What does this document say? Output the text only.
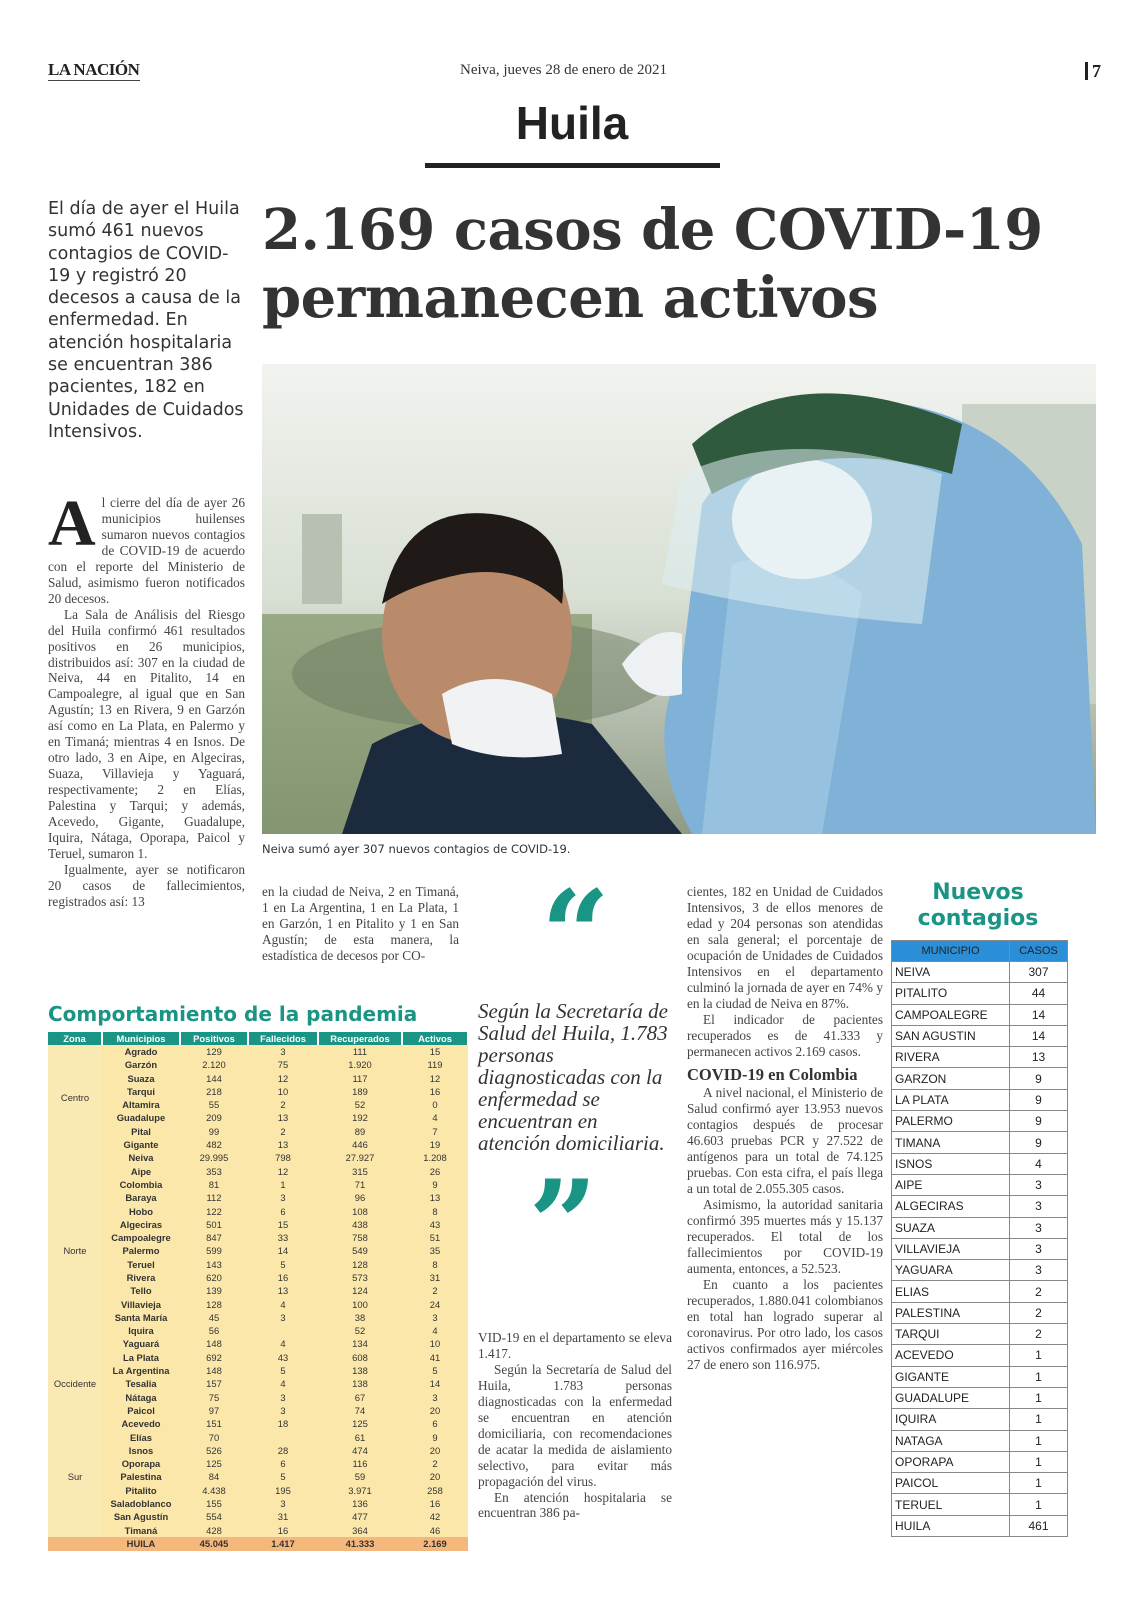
LA NACIÓN	Neiva, jueves 28 de enero de 2021	7
Huila
El día de ayer el Huila sumó 461 nuevos contagios de COVID-19 y registró 20 decesos a causa de la enfermedad. En atención hospitalaria se encuentran 386 pacientes, 182 en Unidades de Cuidados Intensivos.
2.169 casos de COVID-19 permanecen activos
Neiva sumó ayer 307 nuevos contagios de COVID-19.

Al cierre del día de ayer 26 municipios huilenses sumaron nuevos contagios de COVID-19 de acuerdo con el reporte del Ministerio de Salud, asimismo fueron notificados 20 decesos.

La Sala de Análisis del Riesgo del Huila confirmó 461 resultados positivos en 26 municipios, distribuidos así: 307 en la ciudad de Neiva, 44 en Pitalito, 14 en Campoalegre, al igual que en San Agustín; 13 en Rivera, 9 en Garzón así como en La Plata, en Palermo y en Timaná; mientras 4 en Isnos. De otro lado, 3 en Aipe, en Algeciras, Suaza, Villavieja y Yaguará, respectivamente; 2 en Elías, Palestina y Tarqui; y además, Acevedo, Gigante, Guadalupe, Iquira, Nátaga, Oporapa, Paicol y Teruel, sumaron 1.

Igualmente, ayer se notificaron 20 casos de fallecimientos, registrados así: 13

en la ciudad de Neiva, 2 en Timaná, 1 en La Argentina, 1 en La Plata, 1 en Garzón, 1 en Pitalito y 1 en San Agustín; de esta manera, la estadística de decesos por CO- “
Según la Secretaría de Salud del Huila, 1.783 personas diagnosticadas con la enfermedad se encuentran en atención domiciliaria.
”

VID-19 en el departamento se eleva 1.417.

Según la Secretaría de Salud del Huila, 1.783 personas diagnosticadas con la enfermedad se encuentran en atención domiciliaria, con recomendaciones de acatar la medida de aislamiento selectivo, para evitar más propagación del virus.

En atención hospitalaria se encuentran 386 pa-

cientes, 182 en Unidad de Cuidados Intensivos, 3 de ellos menores de edad y 204 personas son atendidas en sala general; el porcentaje de ocupación de Unidades de Cuidados Intensivos en el departamento culminó la jornada de ayer en 74% y en la ciudad de Neiva en 87%.

El indicador de pacientes recuperados es de 41.333 y permanecen activos 2.169 casos.

COVID-19 en Colombia

A nivel nacional, el Ministerio de Salud confirmó ayer 13.953 nuevos contagios después de procesar 46.603 pruebas PCR y 27.522 de antígenos para un total de 74.125 pruebas. Con esta cifra, el país llega a un total de 2.055.305 casos.

Asimismo, la autoridad sanitaria confirmó 395 muertes más y 15.137 recuperados. El total de los fallecimientos por COVID-19 aumenta, entonces, a 52.523.

En cuanto a los pacientes recuperados, 1.880.041 colombianos en total han logrado superar al coronavirus. Por otro lado, los casos activos confirmados ayer miércoles 27 de enero son 116.975.

Comportamiento de la pandemia
Zona	Municipios	Positivos	Fallecidos	Recuperados	Activos
Centro	Agrado	129	3	111	15
	Garzón	2.120	75	1.920	119
	Suaza	144	12	117	12
	Tarqui	218	10	189	16
	Altamira	55	2	52	0
	Guadalupe	209	13	192	4
	Pital	99	2	89	7
	Gigante	482	13	446	19
Norte	Neiva	29.995	798	27.927	1.208
	Aipe	353	12	315	26
	Colombia	81	1	71	9
	Baraya	112	3	96	13
	Hobo	122	6	108	8
	Algeciras	501	15	438	43
	Campoalegre	847	33	758	51
	Palermo	599	14	549	35
	Teruel	143	5	128	8
	Rivera	620	16	573	31
	Tello	139	13	124	2
	Villavieja	128	4	100	24
	Santa María	45	3	38	3
	Iquira	56		52	4
	Yaguará	148	4	134	10
Occidente	La Plata	692	43	608	41
	La Argentina	148	5	138	5
	Tesalia	157	4	138	14
	Nátaga	75	3	67	3
	Paicol	97	3	74	20
Sur	Acevedo	151	18	125	6
	Elías	70		61	9
	Isnos	526	28	474	20
	Oporapa	125	6	116	2
	Palestina	84	5	59	20
	Pitalito	4.438	195	3.971	258
	Saladoblanco	155	3	136	16
	San Agustín	554	31	477	42
	Timaná	428	16	364	46
	HUILA	45.045	1.417	41.333	2.169
Nuevos contagios
MUNICIPIO	CASOS
NEIVA	307
PITALITO	44
CAMPOALEGRE	14
SAN AGUSTIN	14
RIVERA	13
GARZON	9
LA PLATA	9
PALERMO	9
TIMANA	9
ISNOS	4
AIPE	3
ALGECIRAS	3
SUAZA	3
VILLAVIEJA	3
YAGUARA	3
ELIAS	2
PALESTINA	2
TARQUI	2
ACEVEDO	1
GIGANTE	1
GUADALUPE	1
IQUIRA	1
NATAGA	1
OPORAPA	1
PAICOL	1
TERUEL	1
HUILA	461
